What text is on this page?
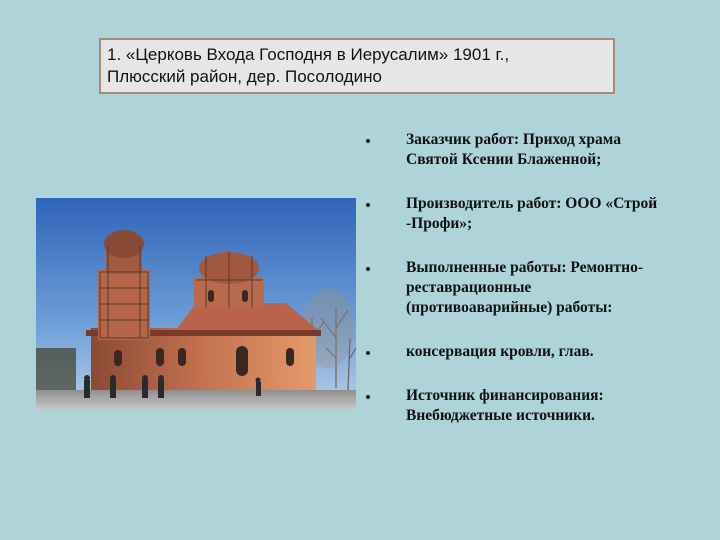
1. «Церковь Входа Господня в Иерусалим» 1901 г.,
Плюсский район, дер. Посолодино
Заказчик работ: Приход храма
Святой Ксении Блаженной;
Производитель работ: ООО «Строй
-Профи»;
Выполненные работы: Ремонтно-
реставрационные
(противоаварийные) работы:
консервация кровли, глав.
Источник финансирования:
Внебюджетные источники.
